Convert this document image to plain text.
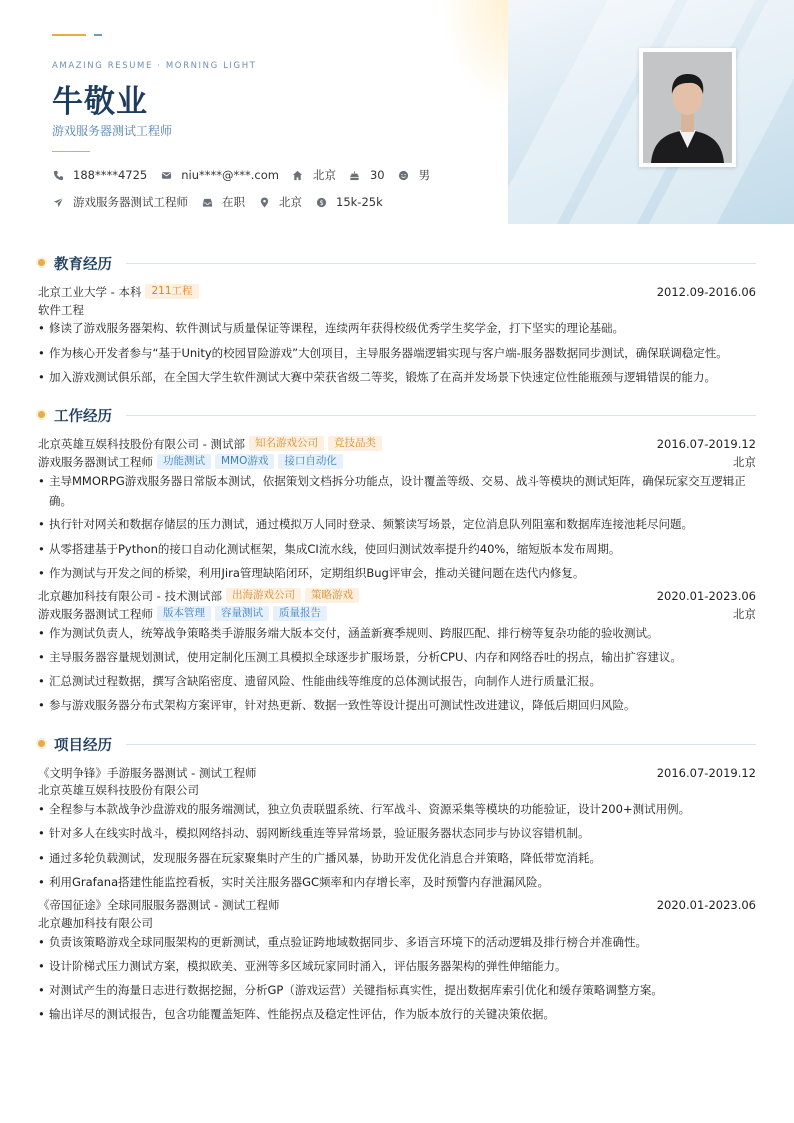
AMAZING RESUME · MORNING LIGHT
牛敬业
游戏服务器测试工程师
188****4725	niu****@***.com	北京	30	男
游戏服务器测试工程师	在职	北京 $ 15k-25k
教育经历
北京工业大学 - 本科 211工程	2012.09-2016.06
软件工程
• 修读了游戏服务器架构、软件测试与质量保证等课程，连续两年获得校级优秀学生奖学金，打下坚实的理论基础。
• 作为核心开发者参与“基于Unity的校园冒险游戏”大创项目，主导服务器端逻辑实现与客户端-服务器数据同步测试，确保联调稳定性。
• 加入游戏测试俱乐部，在全国大学生软件测试大赛中荣获省级二等奖，锻炼了在高并发场景下快速定位性能瓶颈与逻辑错误的能力。
工作经历
北京英雄互娱科技股份有限公司 - 测试部 知名游戏公司 竞技品类	2016.07-2019.12
游戏服务器测试工程师 功能测试 MMO游戏 接口自动化	北京
• 主导MMORPG游戏服务器日常版本测试，依据策划文档拆分功能点，设计覆盖等级、交易、战斗等模块的测试矩阵，确保玩家交互逻辑正确。
• 执行针对网关和数据存储层的压力测试，通过模拟万人同时登录、频繁读写场景，定位消息队列阻塞和数据库连接池耗尽问题。
• 从零搭建基于Python的接口自动化测试框架，集成CI流水线，使回归测试效率提升约40%，缩短版本发布周期。
• 作为测试与开发之间的桥梁，利用Jira管理缺陷闭环，定期组织Bug评审会，推动关键问题在迭代内修复。
北京趣加科技有限公司 - 技术测试部 出海游戏公司 策略游戏	2020.01-2023.06
游戏服务器测试工程师 版本管理 容量测试 质量报告	北京
• 作为测试负责人，统筹战争策略类手游服务端大版本交付，涵盖新赛季规则、跨服匹配、排行榜等复杂功能的验收测试。
• 主导服务器容量规划测试，使用定制化压测工具模拟全球逐步扩服场景，分析CPU、内存和网络吞吐的拐点，输出扩容建议。
• 汇总测试过程数据，撰写含缺陷密度、遗留风险、性能曲线等维度的总体测试报告，向制作人进行质量汇报。
• 参与游戏服务器分布式架构方案评审，针对热更新、数据一致性等设计提出可测试性改进建议，降低后期回归风险。
项目经历
《文明争锋》手游服务器测试 - 测试工程师	2016.07-2019.12
北京英雄互娱科技股份有限公司
• 全程参与本款战争沙盘游戏的服务端测试，独立负责联盟系统、行军战斗、资源采集等模块的功能验证，设计200+测试用例。
• 针对多人在线实时战斗，模拟网络抖动、弱网断线重连等异常场景，验证服务器状态同步与协议容错机制。
• 通过多轮负载测试，发现服务器在玩家聚集时产生的广播风暴，协助开发优化消息合并策略，降低带宽消耗。
• 利用Grafana搭建性能监控看板，实时关注服务器GC频率和内存增长率，及时预警内存泄漏风险。
《帝国征途》全球同服服务器测试 - 测试工程师	2020.01-2023.06
北京趣加科技有限公司
• 负责该策略游戏全球同服架构的更新测试，重点验证跨地域数据同步、多语言环境下的活动逻辑及排行榜合并准确性。
• 设计阶梯式压力测试方案，模拟欧美、亚洲等多区域玩家同时涌入，评估服务器架构的弹性伸缩能力。
• 对测试产生的海量日志进行数据挖掘，分析GP（游戏运营）关键指标真实性，提出数据库索引优化和缓存策略调整方案。
• 输出详尽的测试报告，包含功能覆盖矩阵、性能拐点及稳定性评估，作为版本放行的关键决策依据。
